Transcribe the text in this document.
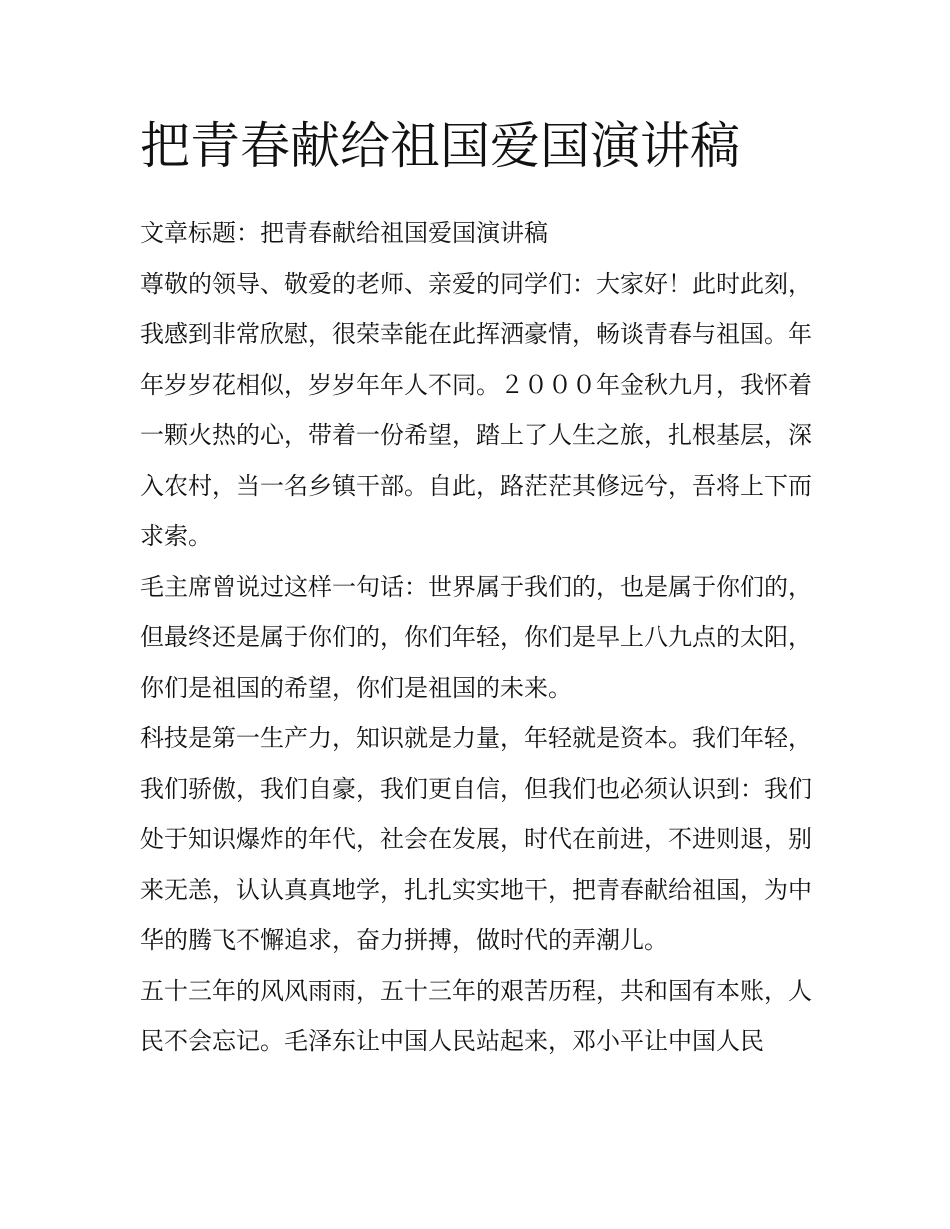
把青春献给祖国爱国演讲稿

文章标题：把青春献给祖国爱国演讲稿

尊敬的领导、敬爱的老师、亲爱的同学们：大家好！此时此刻，我感到非常欣慰，很荣幸能在此挥洒豪情，畅谈青春与祖国。年年岁岁花相似，岁岁年年人不同。２０００年金秋九月，我怀着一颗火热的心，带着一份希望，踏上了人生之旅，扎根基层，深入农村，当一名乡镇干部。自此，路茫茫其修远兮，吾将上下而求索。

毛主席曾说过这样一句话：世界属于我们的，也是属于你们的，但最终还是属于你们的，你们年轻，你们是早上八九点的太阳，你们是祖国的希望，你们是祖国的未来。

科技是第一生产力，知识就是力量，年轻就是资本。我们年轻，我们骄傲，我们自豪，我们更自信，但我们也必须认识到：我们处于知识爆炸的年代，社会在发展，时代在前进，不进则退，别来无恙，认认真真地学，扎扎实实地干，把青春献给祖国，为中华的腾飞不懈追求，奋力拼搏，做时代的弄潮儿。

五十三年的风风雨雨，五十三年的艰苦历程，共和国有本账，人民不会忘记。毛泽东让中国人民站起来，邓小平让中国人民
